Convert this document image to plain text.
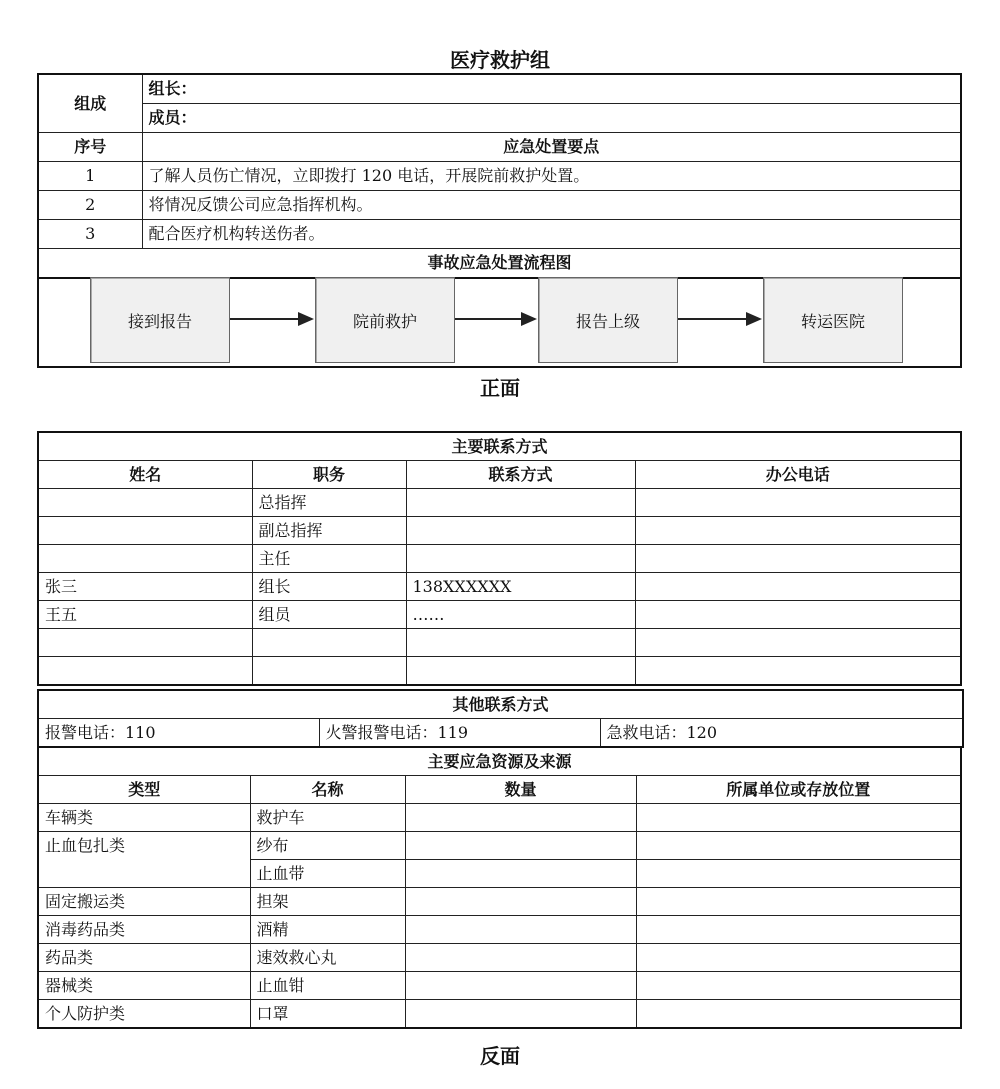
医疗救护组
组成	组长：
	成员：
序号	应急处置要点
1	了解人员伤亡情况，立即拨打 120 电话，开展院前救护处置。
2	将情况反馈公司应急指挥机构。
3	配合医疗机构转送伤者。
事故应急处置流程图	
接到报告	院前救护	报告上级	转运医院
正面
主要联系方式			
姓名	职务	联系方式	办公电话
	总指挥		
	副总指挥		
	主任		
张三	组长	138XXXXXX	
王五	组员	……	

其他联系方式
报警电话：110	火警报警电话：119	急救电话：120
主要应急资源及来源			
类型	名称	数量	所属单位或存放位置
车辆类	救护车		
止血包扎类	纱布		
	止血带		
固定搬运类	担架		
消毒药品类	酒精		
药品类	速效救心丸		
器械类	止血钳		
个人防护类	口罩		
反面
